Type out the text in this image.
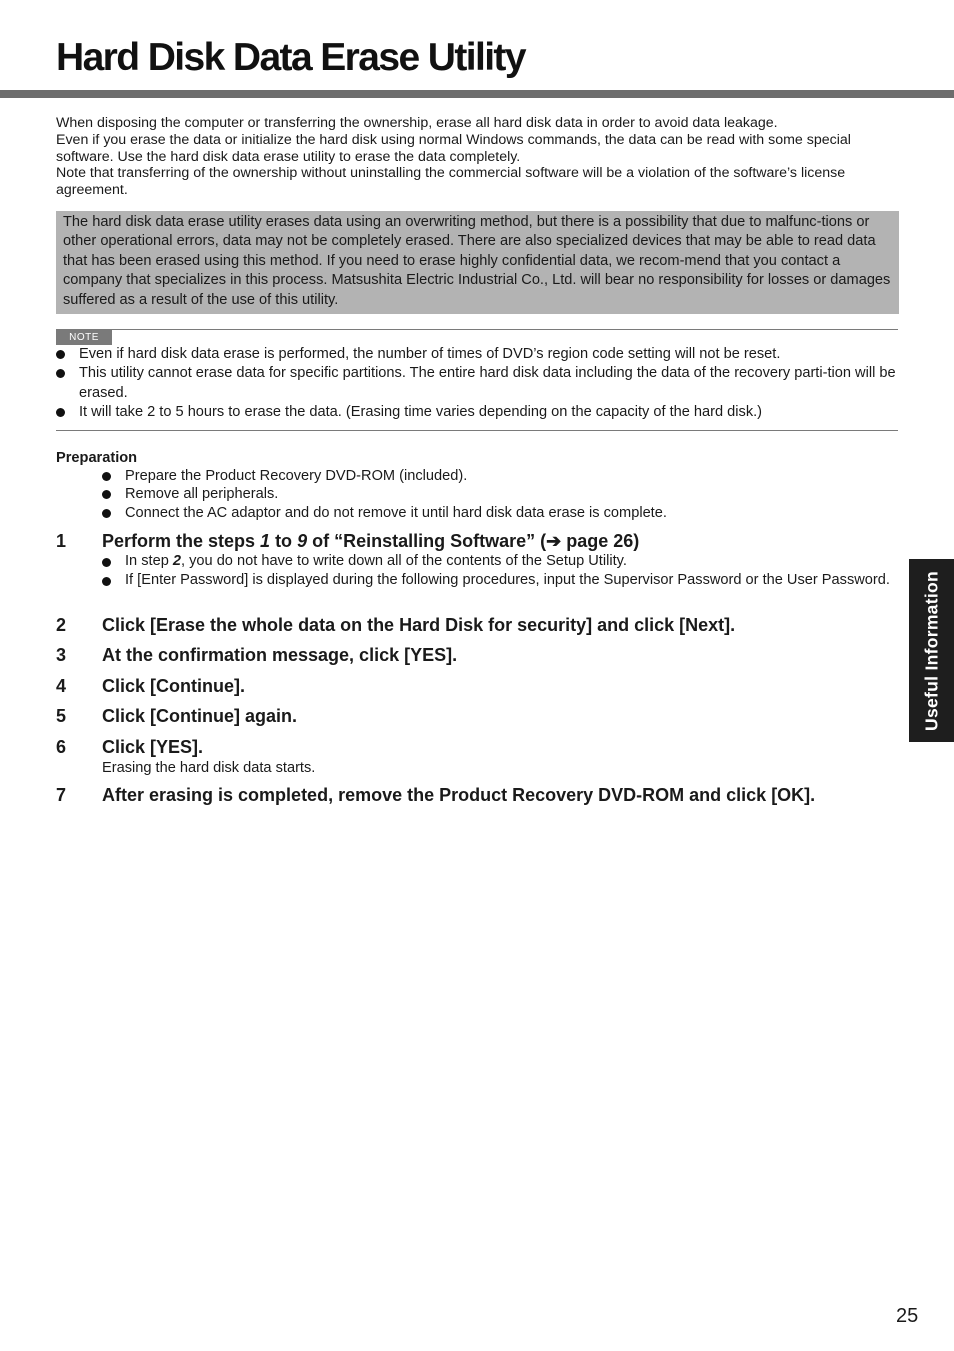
Hard Disk Data Erase Utility

When disposing the computer or transferring the ownership, erase all hard disk data in order to avoid data leakage.

Even if you erase the data or initialize the hard disk using normal Windows commands, the data can be read with some special software. Use the hard disk data erase utility to erase the data completely.

Note that transferring of the ownership without uninstalling the commercial software will be a violation of the software’s license agreement.

The hard disk data erase utility erases data using an overwriting method, but there is a possibility that due to malfunc-tions or other operational errors, data may not be completely erased. There are also specialized devices that may be able to read data that has been erased using this method. If you need to erase highly confidential data, we recom-mend that you contact a company that specializes in this process. Matsushita Electric Industrial Co., Ltd. will bear no responsibility for losses or damages suffered as a result of the use of this utility.
NOTE
Even if hard disk data erase is performed, the number of times of DVD’s region code setting will not be reset.
This utility cannot erase data for specific partitions. The entire hard disk data including the data of the recovery parti-tion will be erased.
It will take 2 to 5 hours to erase the data. (Erasing time varies depending on the capacity of the hard disk.)
Preparation
Prepare the Product Recovery DVD-ROM (included).
Remove all peripherals.
Connect the AC adaptor and do not remove it until hard disk data erase is complete.
1 Perform the steps 1 to 9 of “Reinstalling Software” (➔ page 26)
In step 2, you do not have to write down all of the contents of the Setup Utility.
If [Enter Password] is displayed during the following procedures, input the Supervisor Password or the User Password.
2 Click [Erase the whole data on the Hard Disk for security] and click [Next].
3 At the confirmation message, click [YES].
4 Click [Continue].
5 Click [Continue] again.
6 Click [YES].
Erasing the hard disk data starts.
7 After erasing is completed, remove the Product Recovery DVD-ROM and click [OK].
Useful Information
25
